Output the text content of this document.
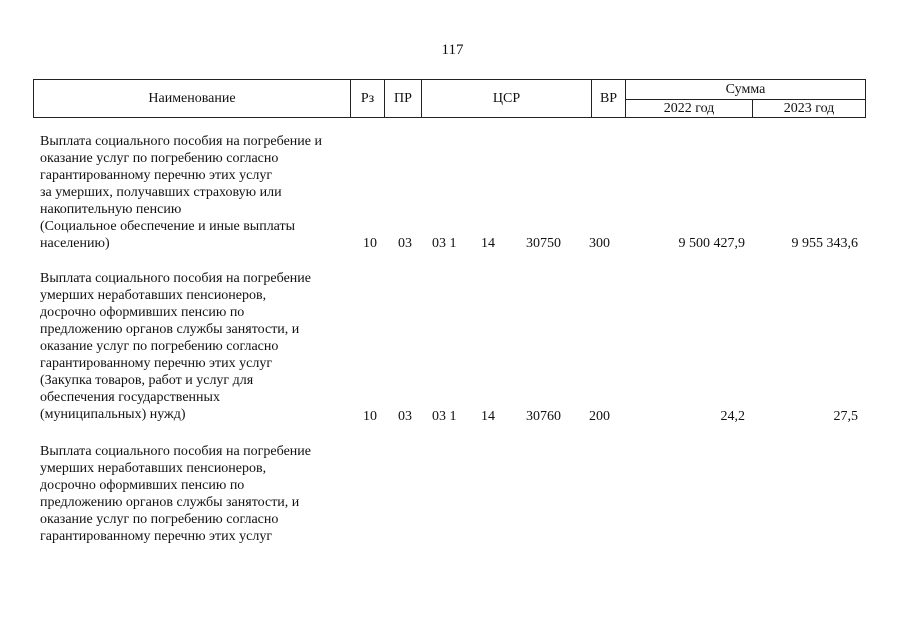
117
Наименование	Рз	ПР	ЦСР	ВР	Сумма	
					2022 год	2023 год
Выплата социального пособия на погребение и
оказание услуг по погребению согласно
гарантированному перечню этих услуг
за умерших, получавших страховую или
накопительную пенсию
(Социальное обеспечение и иные выплаты
населению)	10 03	03 1	14	30750	300	9 500 427,9	9 955 343,6
Выплата социального пособия на погребение
умерших неработавших пенсионеров,
досрочно оформивших пенсию по
предложению органов службы занятости, и
оказание услуг по погребению согласно
гарантированному перечню этих услуг
(Закупка товаров, работ и услуг для
обеспечения государственных
(муниципальных) нужд)	10 03	03 1	14	30760	200	24,2	27,5
Выплата социального пособия на погребение
умерших неработавших пенсионеров,
досрочно оформивших пенсию по
предложению органов службы занятости, и
оказание услуг по погребению согласно
гарантированному перечню этих услуг
